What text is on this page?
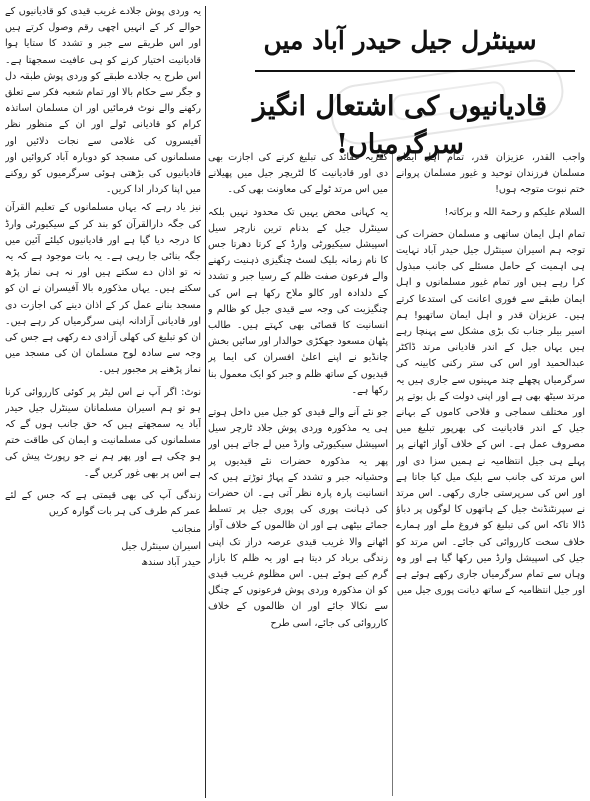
سینٹرل جیل حیدر آباد میں
قادیانیوں کی اشتعال انگیز سرگرمیاں!

واجب القدر، عزیزان قدر، تمام اہل ایمان مسلمان فرزندان توحید و غیور مسلمان پروانے ختم نبوت متوجہ ہوں!

السلام علیکم و رحمۃ اللہ و برکاتہ!

تمام اہل ایمان ساتھی و مسلمان حضرات کی توجہ ہم اسیران سینٹرل جیل حیدر آباد نہایت ہی اہمیت کے حامل مسئلے کی جانب مبذول کرا رہے ہیں اور تمام غیور مسلمانوں و اہل ایمان طبقے سے فوری اعانت کی استدعا کرتے ہیں۔ عزیزان قدر و اہل ایمان ساتھیو! ہم اسیر بیلر جناب تک بڑی مشکل سے پہنچا رہے ہیں یہاں جیل کے اندر قادیانی مرتد ڈاکٹر عبدالحمید اور اس کی ستر رکنی کابینہ کی سرگرمیاں پچھلے چند مہینوں سے جاری ہیں یہ مرتد سیٹھ بھی ہے اور اپنی دولت کے بل بوتے پر اور مختلف سماجی و فلاحی کاموں کے بہانے جیل کے اندر قادیانیت کی بھرپور تبلیغ میں مصروف عمل ہے۔ اس کے خلاف آواز اٹھانے پر پہلے ہی جیل انتظامیہ نے ہمیں سزا دی اور اس مرتد کی جانب سے بلیک میل کیا جاتا ہے اور اس کی سرپرستی جاری رکھی۔ اس مرتد نے سپرنٹنڈنٹ جیل کے ہاتھوں کا لوگوں پر دباؤ ڈالا تاکہ اس کی تبلیغ کو فروغ ملے اور ہمارے خلاف سخت کارروائی کی جائے۔ اس مرتد کو جیل کی اسپیشل وارڈ میں رکھا گیا ہے اور وہ وہاں سے تمام سرگرمیاں جاری رکھے ہوئے ہے اور جیل انتظامیہ کے ساتھ دیانت پوری جیل میں

کفریہ عقائد کی تبلیغ کرنے کی اجازت بھی دی اور قادیانیت کا لٹریچر جیل میں پھیلانے میں اس مرتد ٹولے کی معاونت بھی کی۔

یہ کہانی محض یہیں تک محدود نہیں بلکہ سینٹرل جیل کے بدنام ترین نارچر سیل اسپیشل سیکیورٹی وارڈ کے کرتا دھرتا جس کا نام زمانہ بلیک لسٹ چنگیزی ذہنیت رکھنے والے فرعون صفت ظلم کے رسیا جبر و تشدد کے دلدادہ اور کالو ملاح رکھا ہے اس کی چنگیزیت کی وجہ سے قیدی جیل کو ظالم و انسانیت کا قصائی بھی کہتے ہیں۔ طالب پٹھان مسعود جھکڑی حوالدار اور سائیں بخش چانڈیو نے اپنے اعلیٰ افسران کی ایما پر قیدیوں کے ساتھ ظلم و جبر کو ایک معمول بنا رکھا ہے۔

جو نئے آنے والے قیدی کو جیل میں داخل ہوتے ہی یہ مذکورہ وردی پوش جلاد ٹارچر سیل اسپیشل سیکیورٹی وارڈ میں لے جاتے ہیں اور پھر یہ مذکورہ حضرات نئے قیدیوں پر وحشیانہ جبر و تشدد کے پہاڑ توڑتے ہیں کہ انسانیت پارہ پارہ نظر آتی ہے۔ ان حضرات کی ذہانت پوری کی پوری جیل پر تسلط جمائے بیٹھی ہے اور ان ظالموں کے خلاف آواز اٹھانے والا غریب قیدی عرصہ دراز تک اپنی زندگی برباد کر دیتا ہے اور یہ ظلم کا بازار گرم کیے ہوئے ہیں۔ اس مظلوم غریب قیدی کو ان مذکورہ وردی پوش فرعونوں کے چنگل سے نکالا جائے اور ان ظالموں کے خلاف کارروائی کی جائے، اسی طرح

یہ وردی پوش جلادے غریب قیدی کو قادیانیوں کے حوالے کر کے انہیں اچھی رقم وصول کرتے ہیں اور اس طریقے سے جبر و تشدد کا ستایا ہوا قادیانیت اختیار کرنے کو ہی عافیت سمجھتا ہے۔ اس طرح یہ جلادے طبقے کو وردی پوش طبقہ دل و جگر سے حکام بالا اور تمام شعبہ فکر سے تعلق رکھنے والے نوٹ فرمائیں اور ان مسلمان اساتذہ کرام کو قادیانی ٹولے اور ان کے منظور نظر آفیسروں کی غلامی سے نجات دلائیں اور مسلمانوں کی مسجد کو دوبارہ آباد کروائیں اور قادیانیوں کی بڑھتی ہوئی سرگرمیوں کو روکنے میں اپنا کردار ادا کریں۔

نیز یاد رہے کہ یہاں مسلمانوں کے تعلیم القرآن کی جگہ دارالقرآن کو بند کر کے سیکیورٹی وارڈ کا درجہ دیا گیا ہے اور قادیانیوں کیلئے آئین میں جگہ بنائی جا رہی ہے۔ یہ بات موجود ہے کہ یہ نہ تو اذان دے سکتے ہیں اور نہ ہی نماز پڑھ سکتے ہیں۔ یہاں مذکورہ بالا آفیسران نے ان کو مسجد بنانے عمل کر کے اذان دینے کی اجازت دی اور قادیانی آزادانہ اپنی سرگرمیاں کر رہے ہیں۔ ان کو تبلیغ کی کھلی آزادی دے رکھی ہے جس کی وجہ سے سادہ لوح مسلمان ان کی مسجد میں نماز پڑھنے پر مجبور ہیں۔

نوٹ: اگر آپ نے اس لیٹر پر کوئی کارروائی کرنا ہو تو ہم اسیران مسلمانان سینٹرل جیل حیدر آباد یہ سمجھتے ہیں کہ حق جانب ہوں گے کہ مسلمانوں کی مسلمانیت و ایمان کی طاقت ختم ہو چکی ہے اور پھر ہم نے جو رپورٹ پیش کی ہے اس پر بھی غور کریں گے۔

زندگی آپ کی بھی قیمتی ہے کہ جس کے لئے عمر کم طرف کی ہر بات گوارہ کریں

منجانب

اسیران سینٹرل جیل

حیدر آباد سندھ
